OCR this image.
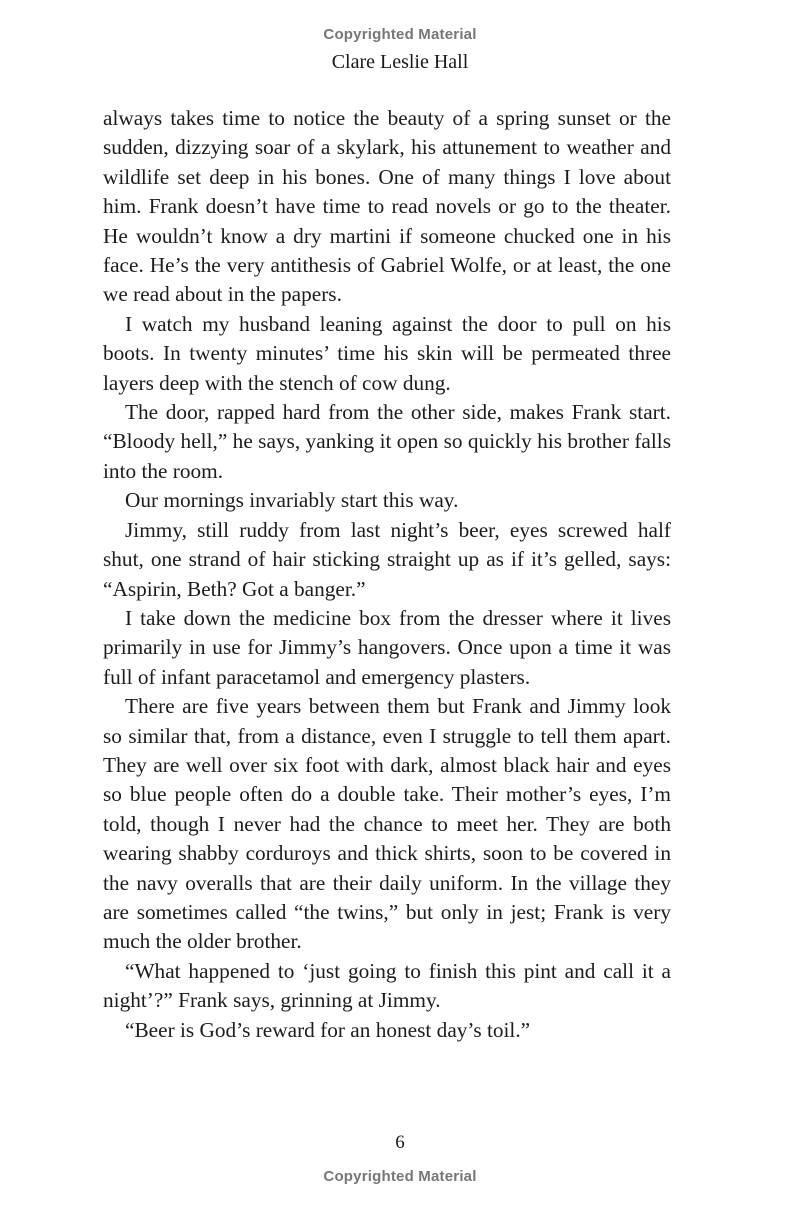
Copyrighted Material
Clare Leslie Hall

always takes time to notice the beauty of a spring sunset or the sudden, dizzying soar of a skylark, his attunement to weather and wildlife set deep in his bones. One of many things I love about him. Frank doesn’t have time to read novels or go to the theater. He wouldn’t know a dry martini if someone chucked one in his face. He’s the very antithesis of Gabriel Wolfe, or at least, the one we read about in the papers.

I watch my husband leaning against the door to pull on his boots. In twenty minutes’ time his skin will be permeated three layers deep with the stench of cow dung.

The door, rapped hard from the other side, makes Frank start. “Bloody hell,” he says, yanking it open so quickly his brother falls into the room.

Our mornings invariably start this way.

Jimmy, still ruddy from last night’s beer, eyes screwed half shut, one strand of hair sticking straight up as if it’s gelled, says: “Aspirin, Beth? Got a banger.”

I take down the medicine box from the dresser where it lives primarily in use for Jimmy’s hangovers. Once upon a time it was full of infant paracetamol and emergency plasters.

There are five years between them but Frank and Jimmy look so similar that, from a distance, even I struggle to tell them apart. They are well over six foot with dark, almost black hair and eyes so blue people often do a double take. Their mother’s eyes, I’m told, though I never had the chance to meet her. They are both wearing shabby corduroys and thick shirts, soon to be covered in the navy overalls that are their daily uniform. In the village they are sometimes called “the twins,” but only in jest; Frank is very much the older brother.

“What happened to ‘just going to finish this pint and call it a night’?” Frank says, grinning at Jimmy.

“Beer is God’s reward for an honest day’s toil.”

6
Copyrighted Material
